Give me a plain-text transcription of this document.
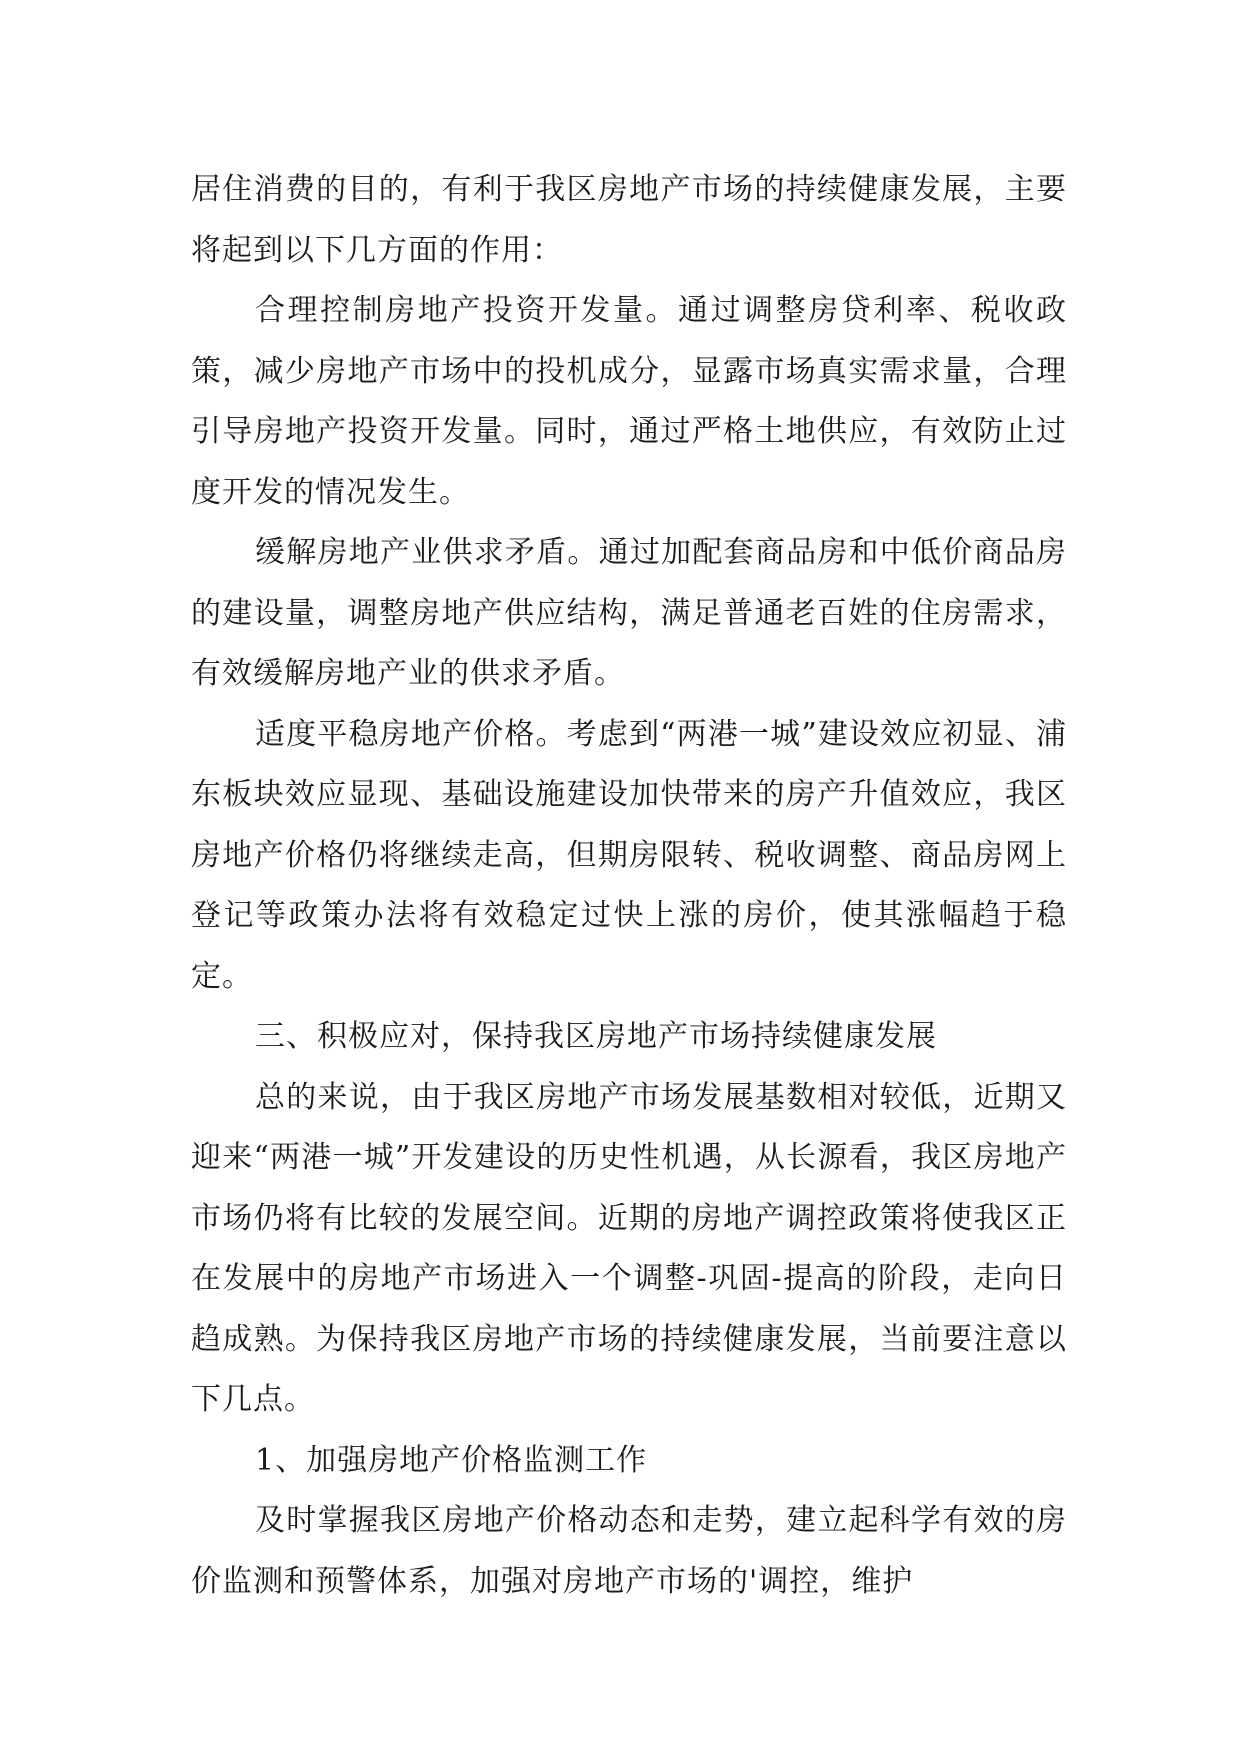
居住消费的目的，有利于我区房地产市场的持续健康发展，主要将起到以下几方面的作用：

合理控制房地产投资开发量。通过调整房贷利率、税收政策，减少房地产市场中的投机成分，显露市场真实需求量，合理引导房地产投资开发量。同时，通过严格土地供应，有效防止过度开发的情况发生。

缓解房地产业供求矛盾。通过加配套商品房和中低价商品房的建设量，调整房地产供应结构，满足普通老百姓的住房需求，有效缓解房地产业的供求矛盾。

适度平稳房地产价格。考虑到“两港一城”建设效应初显、浦东板块效应显现、基础设施建设加快带来的房产升值效应，我区房地产价格仍将继续走高，但期房限转、税收调整、商品房网上登记等政策办法将有效稳定过快上涨的房价，使其涨幅趋于稳定。

三、积极应对，保持我区房地产市场持续健康发展

总的来说，由于我区房地产市场发展基数相对较低，近期又迎来“两港一城”开发建设的历史性机遇，从长源看，我区房地产市场仍将有比较的发展空间。近期的房地产调控政策将使我区正在发展中的房地产市场进入一个调整-巩固-提高的阶段，走向日趋成熟。为保持我区房地产市场的持续健康发展，当前要注意以下几点。

1、加强房地产价格监测工作

及时掌握我区房地产价格动态和走势，建立起科学有效的房价监测和预警体系，加强对房地产市场的'调控，维护
